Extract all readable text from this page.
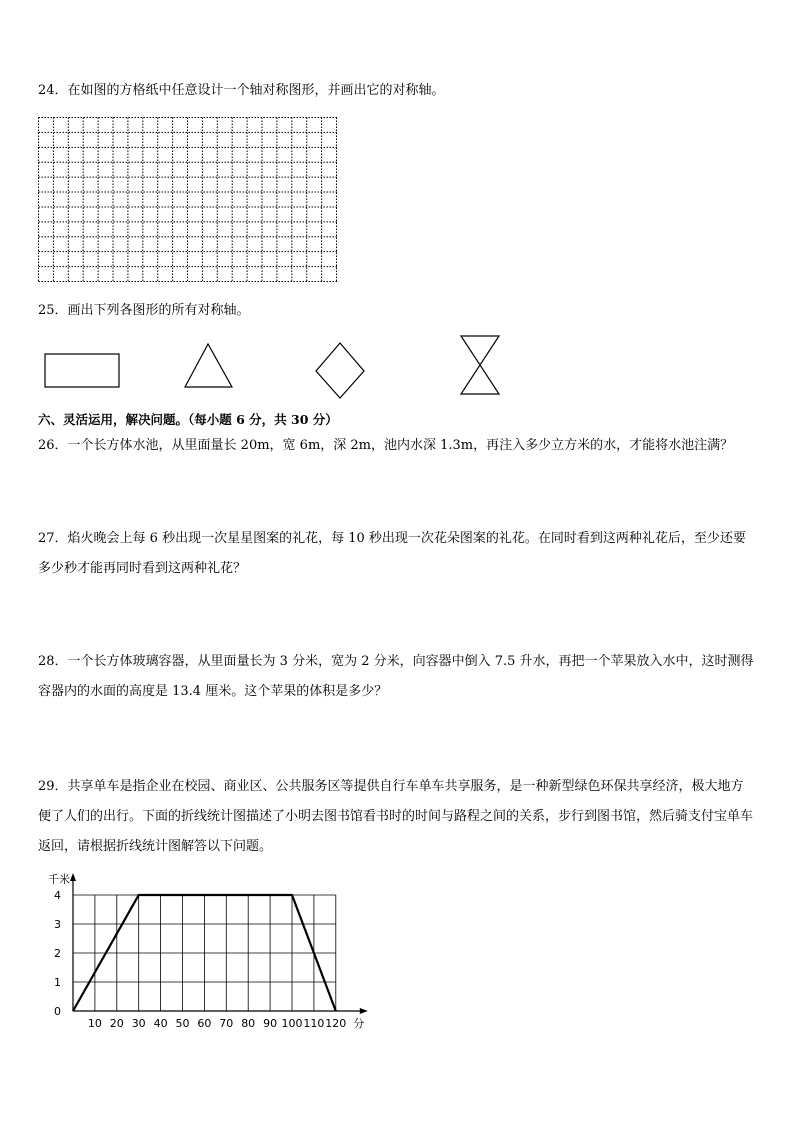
24．在如图的方格纸中任意设计一个轴对称图形，并画出它的对称轴。

25．画出下列各图形的所有对称轴。

六、灵活运用，解决问题。（每小题 6 分，共 30 分）

26．一个长方体水池，从里面量长 20m，宽 6m，深 2m，池内水深 1.3m，再注入多少立方米的水，才能将水池注满？

27．焰火晚会上每 6 秒出现一次星星图案的礼花，每 10 秒出现一次花朵图案的礼花。在同时看到这两种礼花后，至少还要多少秒才能再同时看到这两种礼花？

28．一个长方体玻璃容器，从里面量长为 3 分米，宽为 2 分米，向容器中倒入 7.5 升水，再把一个苹果放入水中，这时测得容器内的水面的高度是 13.4 厘米。这个苹果的体积是多少？

29．共享单车是指企业在校园、商业区、公共服务区等提供自行车单车共享服务，是一种新型绿色环保共享经济，极大地方便了人们的出行。下面的折线统计图描述了小明去图书馆看书时的时间与路程之间的关系，步行到图书馆，然后骑支付宝单车返回，请根据折线统计图解答以下问题。

10 20 30 40 50 60 70 80 90 100 110 120
0
1
2
3
4
千米
分
